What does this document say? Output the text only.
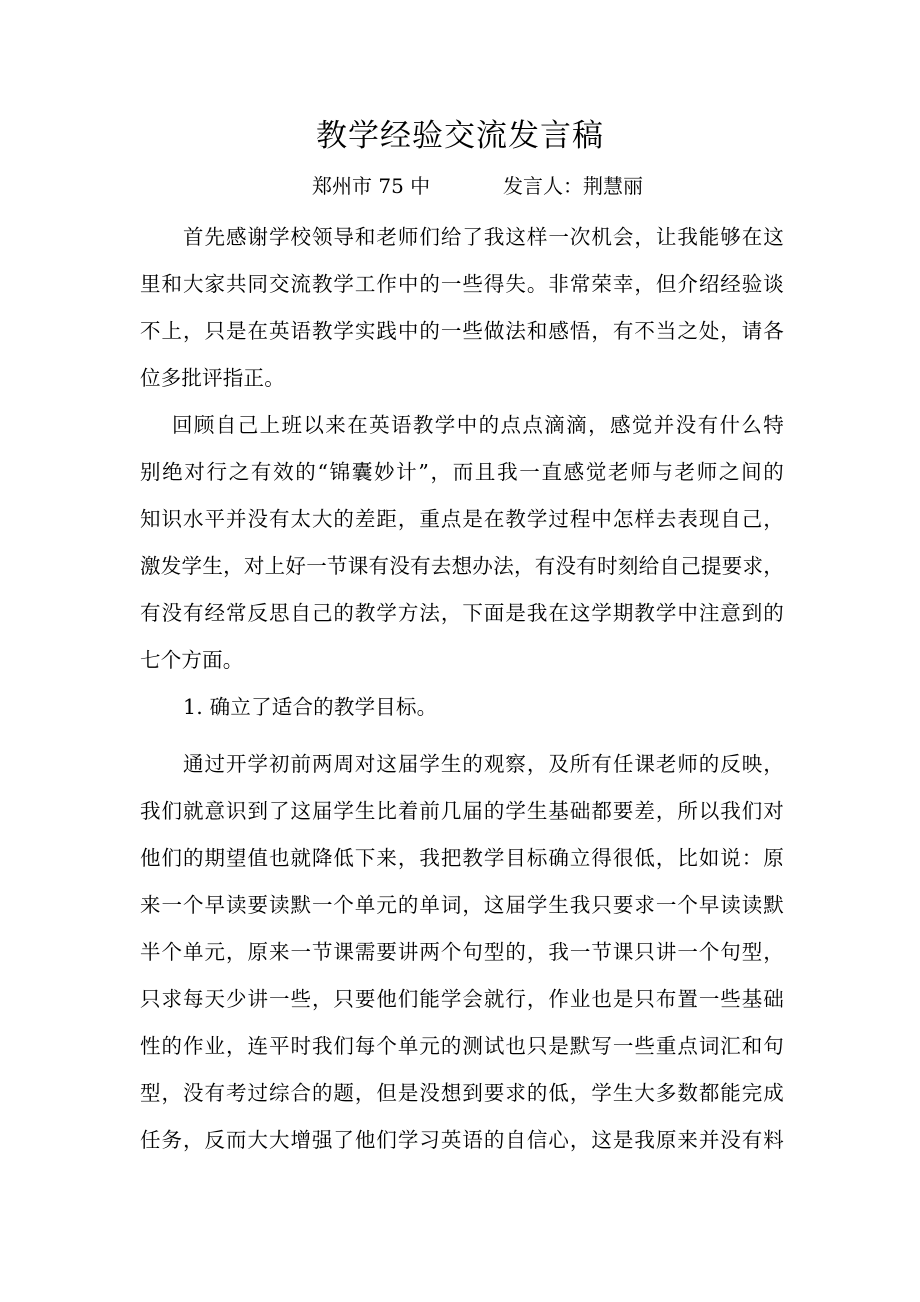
教学经验交流发言稿
郑州市 75 中	发言人：荆慧丽
首先感谢学校领导和老师们给了我这样一次机会，让我能够在这
里和大家共同交流教学工作中的一些得失。非常荣幸，但介绍经验谈
不上，只是在英语教学实践中的一些做法和感悟，有不当之处，请各
位多批评指正。
回顾自己上班以来在英语教学中的点点滴滴，感觉并没有什么特
别绝对行之有效的“锦囊妙计”，而且我一直感觉老师与老师之间的
知识水平并没有太大的差距，重点是在教学过程中怎样去表现自己，
激发学生，对上好一节课有没有去想办法，有没有时刻给自己提要求，
有没有经常反思自己的教学方法，下面是我在这学期教学中注意到的
七个方面。
1. 确立了适合的教学目标。
通过开学初前两周对这届学生的观察，及所有任课老师的反映，
我们就意识到了这届学生比着前几届的学生基础都要差，所以我们对
他们的期望值也就降低下来，我把教学目标确立得很低，比如说：原
来一个早读要读默一个单元的单词，这届学生我只要求一个早读读默
半个单元，原来一节课需要讲两个句型的，我一节课只讲一个句型，
只求每天少讲一些，只要他们能学会就行，作业也是只布置一些基础
性的作业，连平时我们每个单元的测试也只是默写一些重点词汇和句
型，没有考过综合的题，但是没想到要求的低，学生大多数都能完成
任务，反而大大增强了他们学习英语的自信心，这是我原来并没有料
